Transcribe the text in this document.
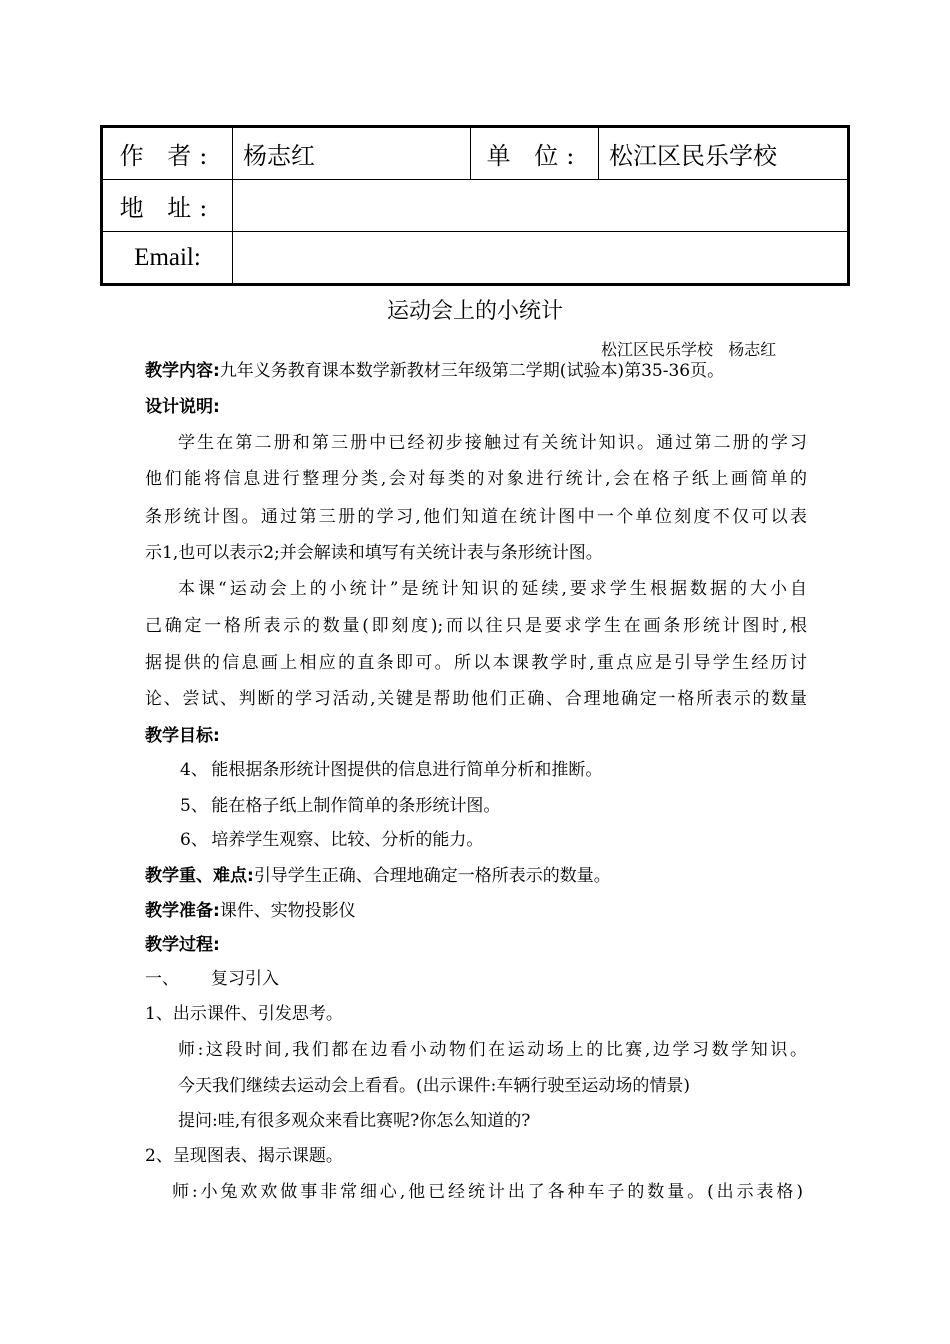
作 者:	杨志红	单 位:	松江区民乐学校
地 址:			
Email:			
运动会上的小统计
松江区民乐学校   杨志红
教学内容:九年义务教育课本数学新教材三年级第二学期(试验本)第35-36页。
设计说明:
学生在第二册和第三册中已经初步接触过有关统计知识。通过第二册的学习
他们能将信息进行整理分类,会对每类的对象进行统计,会在格子纸上画简单的
条形统计图。通过第三册的学习,他们知道在统计图中一个单位刻度不仅可以表
示1,也可以表示2;并会解读和填写有关统计表与条形统计图。
本课“运动会上的小统计”是统计知识的延续,要求学生根据数据的大小自
己确定一格所表示的数量(即刻度);而以往只是要求学生在画条形统计图时,根
据提供的信息画上相应的直条即可。所以本课教学时,重点应是引导学生经历讨
论、尝试、判断的学习活动,关键是帮助他们正确、合理地确定一格所表示的数量
教学目标:
4、 能根据条形统计图提供的信息进行简单分析和推断。
5、 能在格子纸上制作简单的条形统计图。
6、 培养学生观察、比较、分析的能力。
教学重、难点:引导学生正确、合理地确定一格所表示的数量。
教学准备:课件、实物投影仪
教学过程:
一、 复习引入
1、出示课件、引发思考。
师:这段时间,我们都在边看小动物们在运动场上的比赛,边学习数学知识。
今天我们继续去运动会上看看。(出示课件:车辆行驶至运动场的情景)
提问:哇,有很多观众来看比赛呢?你怎么知道的?
2、呈现图表、揭示课题。
师:小兔欢欢做事非常细心,他已经统计出了各种车子的数量。(出示表格)
